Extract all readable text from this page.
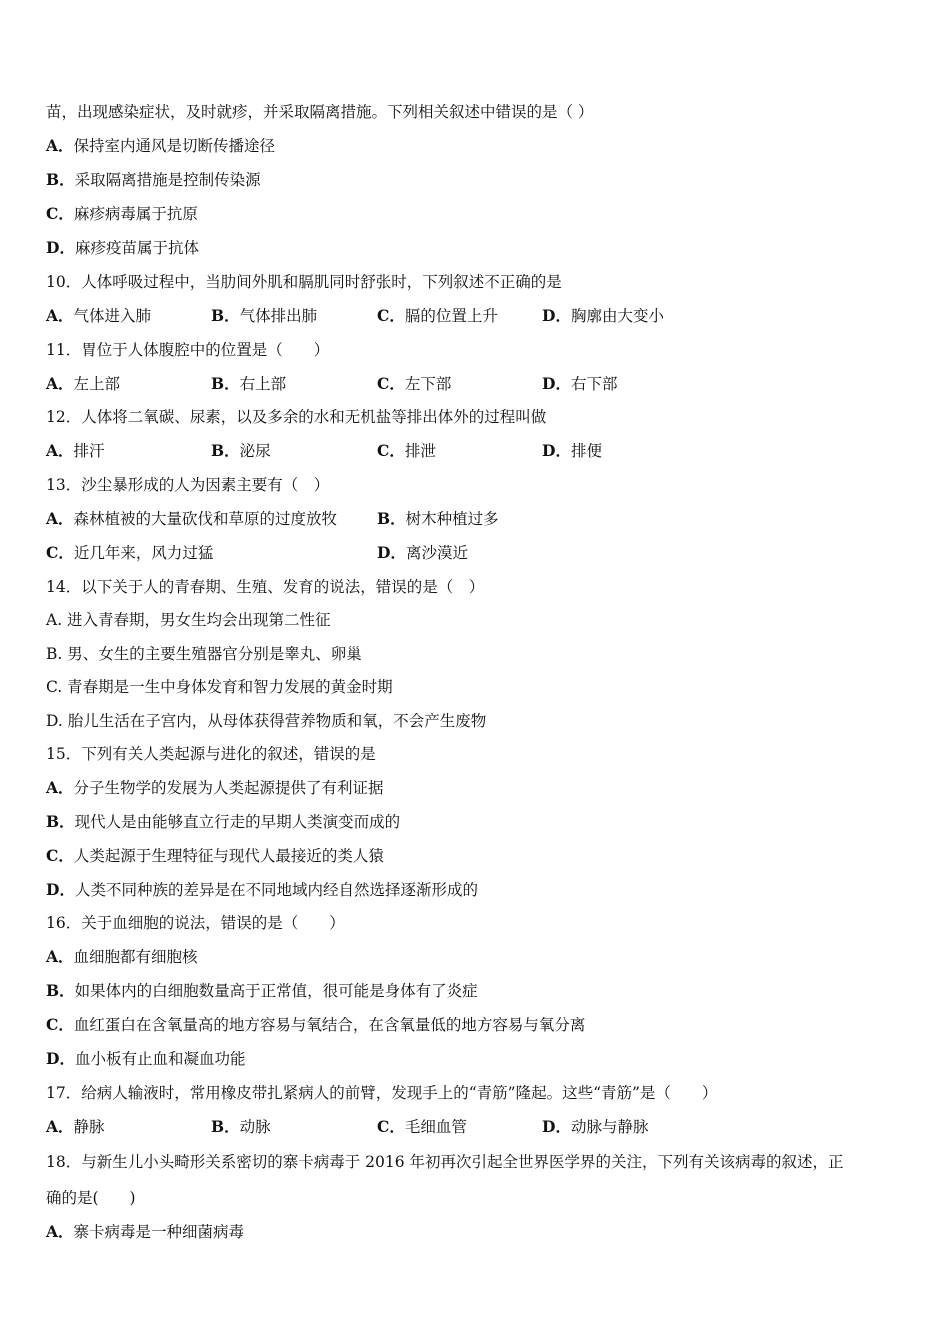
苗，出现感染症状，及时就疹，并采取隔离措施。下列相关叙述中错误的是（ ）
A．保持室内通风是切断传播途径
B．采取隔离措施是控制传染源
C．麻疹病毒属于抗原
D．麻疹疫苗属于抗体
10．人体呼吸过程中，当肋间外肌和膈肌同时舒张时，下列叙述不正确的是
A．气体进入肺	B．气体排出肺	C．膈的位置上升	D．胸廓由大变小
11．胃位于人体腹腔中的位置是（　　）
A．左上部	B．右上部	C．左下部	D．右下部
12．人体将二氧碳、尿素，以及多余的水和无机盐等排出体外的过程叫做
A．排汗	B．泌尿	C．排泄	D．排便
13．沙尘暴形成的人为因素主要有（　）
A．森林植被的大量砍伐和草原的过度放牧	B．树木种植过多
C．近几年来，风力过猛	D．离沙漠近
14．以下关于人的青春期、生殖、发育的说法，错误的是（　）
A. 进入青春期，男女生均会出现第二性征
B. 男、女生的主要生殖器官分别是睾丸、卵巢
C. 青春期是一生中身体发育和智力发展的黄金时期
D. 胎儿生活在子宫内，从母体获得营养物质和氧，不会产生废物
15．下列有关人类起源与进化的叙述，错误的是
A．分子生物学的发展为人类起源提供了有利证据
B．现代人是由能够直立行走的早期人类演变而成的
C．人类起源于生理特征与现代人最接近的类人猿
D．人类不同种族的差异是在不同地域内经自然选择逐渐形成的
16．关于血细胞的说法，错误的是（　　）
A．血细胞都有细胞核
B．如果体内的白细胞数量高于正常值，很可能是身体有了炎症
C．血红蛋白在含氧量高的地方容易与氧结合，在含氧量低的地方容易与氧分离
D．血小板有止血和凝血功能
17．给病人输液时，常用橡皮带扎紧病人的前臂，发现手上的“青筋”隆起。这些“青筋”是（　　）
A．静脉	B．动脉	C．毛细血管	D．动脉与静脉
18．与新生儿小头畸形关系密切的寨卡病毒于 2016 年初再次引起全世界医学界的关注，下列有关该病毒的叙述，正
确的是(　　)
A．寨卡病毒是一种细菌病毒
